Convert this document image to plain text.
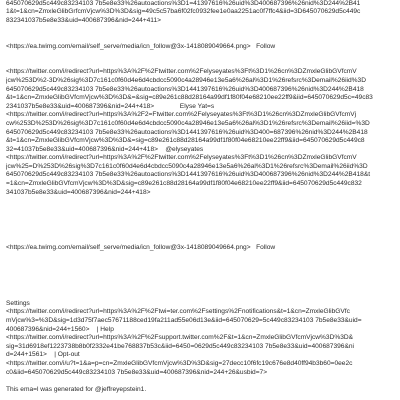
645070629d5c449c83234103 7b5e8e33%26autoactions%3D1=41397616%26uid%3D400687396%26nid%3D244%2B41
1&t=1&cn=ZmxleGlibGrfcmVjcw%3D%3D&sig=49c5c57ba6f02fc0932fee1e0aa2251ac0f7ffc4&iid=3D645070629d5c449c
832341037b5e8e33&uid=400687396&nid=244+411>
<https://ea.twimg.com/email/self_serve/media/icn_follow@3x-1418089049664.png>   Follow
<https://twitter.com/i/redirect?url=https%3A%2F%2Ftwitter.com%2Felyseyates%3Ft%3D1%26cn%3DZmxleGlibGVfcmV
jcw%253D%2-3D%26sig%3D7c161c0f60d4e6d4cbdcc5090c4a28946e13e5a6%26al%3D1%26refsrc%3Demail%26iid%3D
645070629d5c449c83234103 7b5e8e33%26autoactions%3D1441397616%26uid%3D400687396%26nid%3D244%2B418
&t=1&cn=ZmxleGlibGVfcmVjcw%3D%3D&=&sig=c89e261c88d28164a99df1f80f04e68210ee22ff9&iid=645070629d5c=49c83
2341037b5e8e33&uid=400687396&nid=244+418>              Elyse Yat=s
<https://twitter.com/i/redirect?url=https%3A%2F2=Ftwitter.com%2Felyseyates%3Ft%3D1%26cn%3DZmxleGlibGVfcmVj
cw%253D%253D%26sig%3D7c161c0f60d4e6d4cbdcc5090c4a28946e13e5a6%26al%3D1%26refsrc%3Demail%26iid=%3D
645070629d5c449c83234103 7b5e8e33%26autoactions%3D1441397616%26uid%3D400=687396%26nid%3D244%2B418
&t=1&cn=ZmxleGlibGVfcmVjcw%3D%3D&=sig=c89e261c88d28164a99df1f80f04e68210ee22ff9&iid=645070629d5c449c8
32=41037b5e8e33&uid=400687396&nid=244+418>    @elyseyates
<https://twitter.com/i/redirect?url=https%3A%2F%2Ftwitter.com%2Felyseyates%3Ft%3D1%26cn%3DZmxleGlibGVfcmV
jcw%25=D%253D%26sig%3D7c161c0f60d4e6d4cbdcc5090c4a28946e13e5a6%26al%3D1%26refsrc%3Demail%26iid%3D
645070629d5c449c83234103 7b5e8e33%26autoactions%3D1441397616%26uid%3D400687396%26nid%3D244%2B418&t
=1&cn=ZmxleGlibGVfcmVjcw%3D%3D&sig=c89e261c88d28164a99df1f80f04e68210ee22ff9&iid=645070629d5c449c832
341037b5e8e33&uid=400687396&nid=244+418>
<https://ea.twimg.com/email/self_serve/media/icn_follow@3x-1418089049664.png>   Follow
Settings
<https://twitter.com/i/redirect?url=https%3A%2F%2Ftwi=ter.com%2Fsettings%2Fnotifications&t=1&cn=ZmxleGlibGVfc
mVjcw%3=%3D&sig=1d3d75f7aec57671188ced19fa211ad55e06d13e&iid=645070629=5c449c83234103 7b5e8e33&uid=
400687396&nid=244+1560>    | Help
<https://twitter.com/i/redirect?url=https%3A%2F%2Fsupport.twitter.com%2F&t=1&cn=ZmxleGlibGVfcmVjcw%3D%3D&
sig=31d6918ef1223738b8b0f2332e41be768837b53c&iid=6450=0629d5c449c83234103 7b5e8e33&uid=400687396&ni
d=244+1561>    | Opt-out
<https://twitter.com/i/u?t=1&a=p=cn=ZmxleGlibGVfcmVjcw%3D%3D&sig=27decc10f6fc19c676e8d40ff94b3b60=0ee2c
c0&iid=645070629d5c449c83234103 7b5e8e33&uid=400687396&nid=244+26&usbid=7>
This ema=l was generated for @jeffreyepstein1.
